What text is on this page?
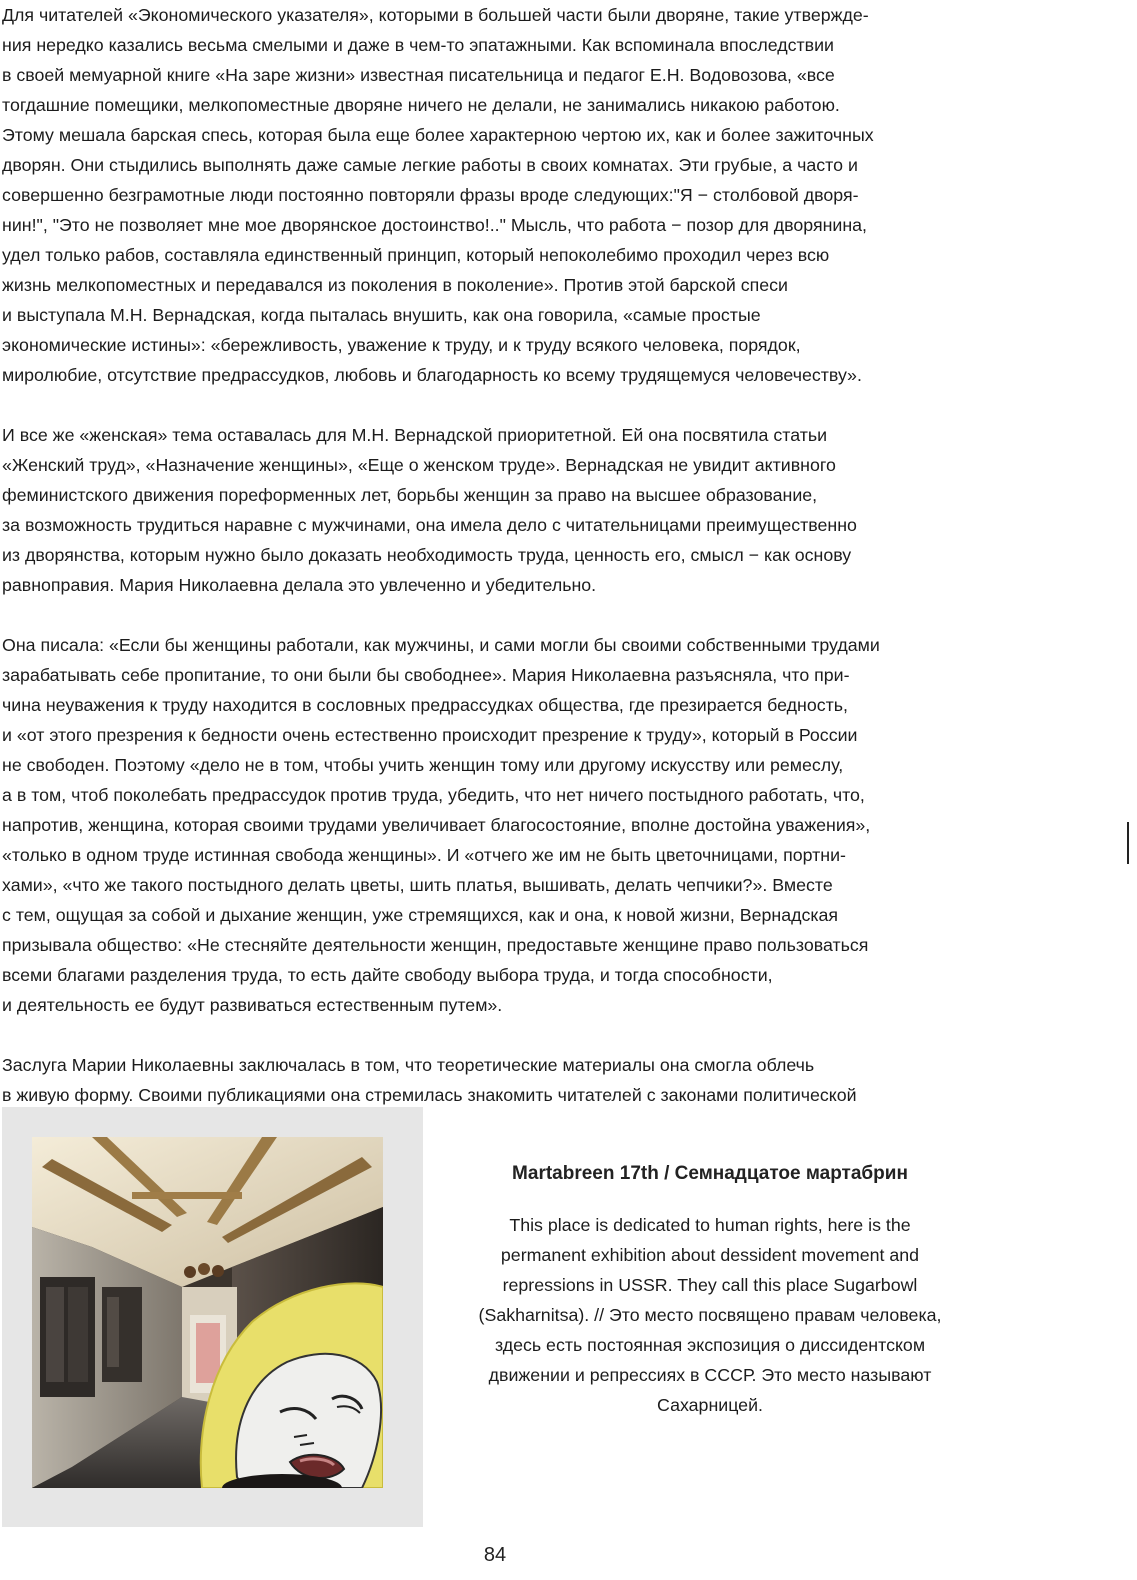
Для читателей «Экономического указателя», которыми в большей части были дворяне, такие утвержде-
ния нередко казались весьма смелыми и даже в чем-то эпатажными. Как вспоминала впоследствии
в своей мемуарной книге «На заре жизни» известная писательница и педагог Е.Н. Водовозова, «все
тогдашние помещики, мелкопоместные дворяне ничего не делали, не занимались никакою работою.
Этому мешала барская спесь, которая была еще более характерною чертою их, как и более зажиточных
дворян. Они стыдились выполнять даже самые легкие работы в своих комнатах. Эти грубые, а часто и
совершенно безграмотные люди постоянно повторяли фразы вроде следующих:"Я − столбовой дворя-
нин!", "Это не позволяет мне мое дворянское достоинство!.." Мысль, что работа − позор для дворянина,
удел только рабов, составляла единственный принцип, который непоколебимо проходил через всю
жизнь мелкопоместных и передавался из поколения в поколение». Против этой барской спеси
и выступала М.Н. Вернадская, когда пыталась внушить, как она говорила, «самые простые
экономические истины»: «бережливость, уважение к труду, и к труду всякого человека, порядок,
миролюбие, отсутствие предрассудков, любовь и благодарность ко всему трудящемуся человечеству».
И все же «женская» тема оставалась для М.Н. Вернадской приоритетной. Ей она посвятила статьи
«Женский труд», «Назначение женщины», «Еще о женском труде». Вернадская не увидит активного
феминистского движения пореформенных лет, борьбы женщин за право на высшее образование,
за возможность трудиться наравне с мужчинами, она имела дело с читательницами преимущественно
из дворянства, которым нужно было доказать необходимость труда, ценность его, смысл − как основу
равноправия. Мария Николаевна делала это увлеченно и убедительно.
Она писала: «Если бы женщины работали, как мужчины, и сами могли бы своими собственными трудами
зарабатывать себе пропитание, то они были бы свободнее». Мария Николаевна разъясняла, что при-
чина неуважения к труду находится в сословных предрассудках общества, где презирается бедность,
и «от этого презрения к бедности очень естественно происходит презрение к труду», который в России
не свободен. Поэтому «дело не в том, чтобы учить женщин тому или другому искусству или ремеслу,
а в том, чтоб поколебать предрассудок против труда, убедить, что нет ничего постыдного работать, что,
напротив, женщина, которая своими трудами увеличивает благосостояние, вполне достойна уважения»,
«только в одном труде истинная свобода женщины». И «отчего же им не быть цветочницами, портни-
хами», «что же такого постыдного делать цветы, шить платья, вышивать, делать чепчики?». Вместе
с тем, ощущая за собой и дыхание женщин, уже стремящихся, как и она, к новой жизни, Вернадская
призывала общество: «Не стесняйте деятельности женщин, предоставьте женщине право пользоваться
всеми благами разделения труда, то есть дайте свободу выбора труда, и тогда способности,
и деятельность ее будут развиваться естественным путем».
Заслуга Марии Николаевны заключалась в том, что теоретические материалы она смогла облечь
в живую форму. Своими публикациями она стремилась знакомить читателей с законами политической
Martabreen 17th / Семнадцатое мартабрин
This place is dedicated to human rights, here is the
permanent exhibition about dessident movement and
repressions in USSR. They call this place Sugarbowl
(Sakharnitsa). // Это место посвящено правам человека,
здесь есть постоянная экспозиция о диссидентском
движении и репрессиях в СССР. Это место называют
Сахарницей.
84
